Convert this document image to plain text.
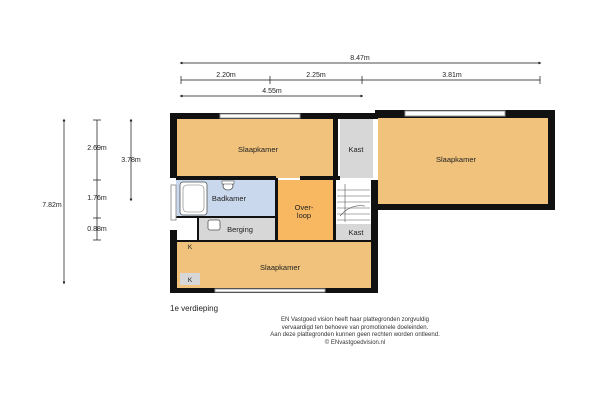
8.47m
2.20m	2.25m	3.81m
4.55m
7.82m
2.69m
1.76m
0.88m
3.78m
Slaapkamer	Kast
Slaapkamer
Badkamer
Over-
loop
Berging	Kast
K
Slaapkamer
K
1e verdieping
EN Vastgoed vision heeft haar plattegronden zorgvuldig
vervaardigd ten behoeve van promotionele doeleinden.
Aan deze plattegronden kunnen geen rechten worden ontleend.
© ENvastgoedvision.nl
